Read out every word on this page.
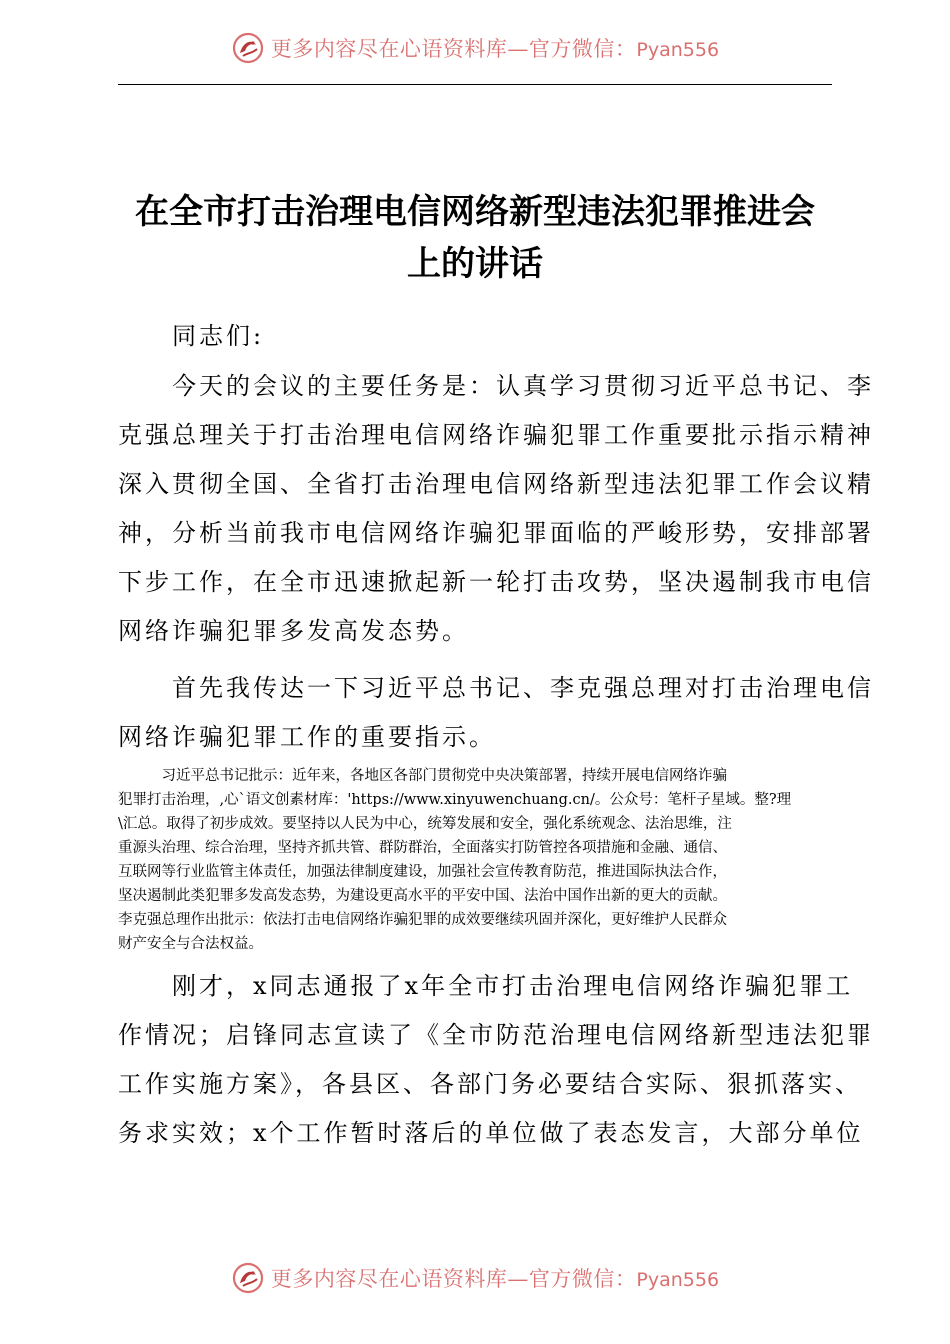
更多内容尽在心语资料库—官方微信：Pyan556
在全市打击治理电信网络新型违法犯罪推进会
上的讲话
同志们:
　　今天的会议的主要任务是：认真学习贯彻习近平总书记、李
克强总理关于打击治理电信网络诈骗犯罪工作重要批示指示精神
深入贯彻全国、全省打击治理电信网络新型违法犯罪工作会议精
神，分析当前我市电信网络诈骗犯罪面临的严峻形势，安排部署
下步工作，在全市迅速掀起新一轮打击攻势，坚决遏制我市电信
网络诈骗犯罪多发高发态势。
　　首先我传达一下习近平总书记、李克强总理对打击治理电信
网络诈骗犯罪工作的重要指示。
　　　习近平总书记批示：近年来，各地区各部门贯彻党中央决策部署，持续开展电信网络诈骗
犯罪打击治理，,心`语文创素材库：'https://www.xinyuwenchuang.cn/。公众号：笔杆子星域。整?理
\汇总。取得了初步成效。要坚持以人民为中心，统筹发展和安全，强化系统观念、法治思维，注
重源头治理、综合治理，坚持齐抓共管、群防群治，全面落实打防管控各项措施和金融、通信、
互联网等行业监管主体责任，加强法律制度建设，加强社会宣传教育防范，推进国际执法合作，
坚决遏制此类犯罪多发高发态势，为建设更高水平的平安中国、法治中国作出新的更大的贡献。
李克强总理作出批示：依法打击电信网络诈骗犯罪的成效要继续巩固并深化，更好维护人民群众
财产安全与合法权益。
　　刚才，x同志通报了x年全市打击治理电信网络诈骗犯罪工
作情况；启锋同志宣读了《全市防范治理电信网络新型违法犯罪
工作实施方案》，各县区、各部门务必要结合实际、狠抓落实、
务求实效；x个工作暂时落后的单位做了表态发言，大部分单位
更多内容尽在心语资料库—官方微信：Pyan556
